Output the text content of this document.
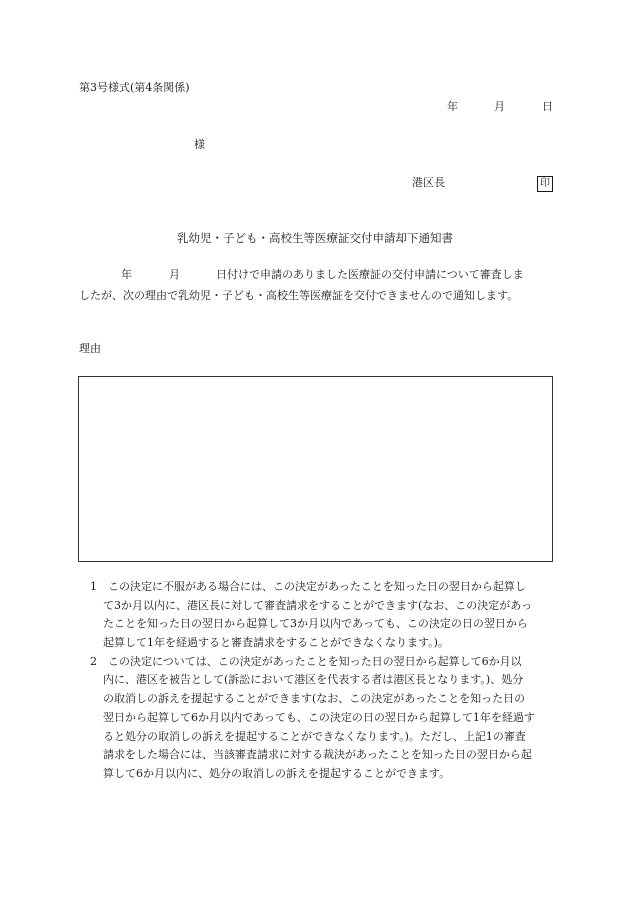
第3号様式(第4条関係)
年	月	日
様
港区長	印
乳幼児・子ども・高校生等医療証交付申請却下通知書
年	月	日付けで申請のありました医療証の交付申請について審査しま
したが、次の理由で乳幼児・子ども・高校生等医療証を交付できませんので通知します。
理由
1　この決定に不服がある場合には、この決定があったことを知った日の翌日から起算し
て3か月以内に、港区長に対して審査請求をすることができます(なお、この決定があっ
たことを知った日の翌日から起算して3か月以内であっても、この決定の日の翌日から
起算して1年を経過すると審査請求をすることができなくなります。)。
2　この決定については、この決定があったことを知った日の翌日から起算して6か月以
内に、港区を被告として(訴訟において港区を代表する者は港区長となります。)、処分
の取消しの訴えを提起することができます(なお、この決定があったことを知った日の
翌日から起算して6か月以内であっても、この決定の日の翌日から起算して1年を経過す
ると処分の取消しの訴えを提起することができなくなります。)。ただし、上記1の審査
請求をした場合には、当該審査請求に対する裁決があったことを知った日の翌日から起
算して6か月以内に、処分の取消しの訴えを提起することができます。
